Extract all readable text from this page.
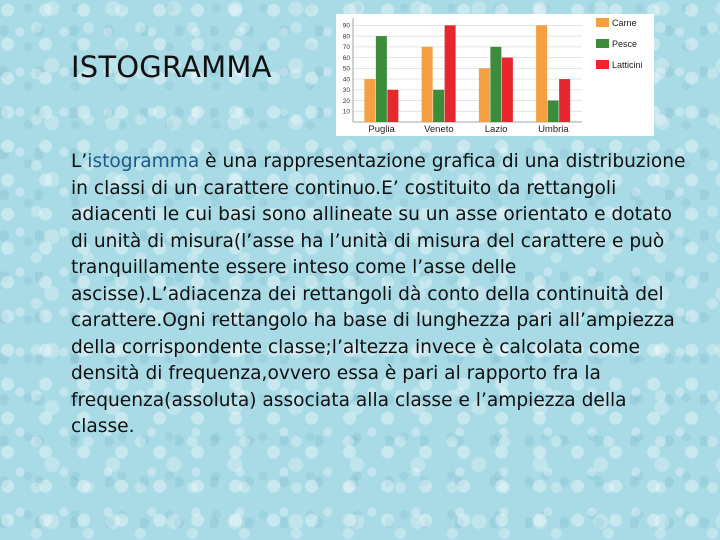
ISTOGRAMMA
10
20
30
40
50
60
70
80
90
Puglia	Veneto	Lazio	Umbria
Carne
Pesce
Latticini

L’istogramma è una rappresentazione grafica di una distribuzione in classi di un carattere continuo.E’ costituito da rettangoli adiacenti le cui basi sono allineate su un asse orientato e dotato di unità di misura(l’asse ha l’unità di misura del carattere e può tranquillamente essere inteso come l’asse delle ascisse).L’adiacenza dei rettangoli dà conto della continuità del carattere.Ogni rettangolo ha base di lunghezza pari all’ampiezza della corrispondente classe;l’altezza invece è calcolata come densità di frequenza,ovvero essa è pari al rapporto fra la frequenza(assoluta) associata alla classe e l’ampiezza della classe.
